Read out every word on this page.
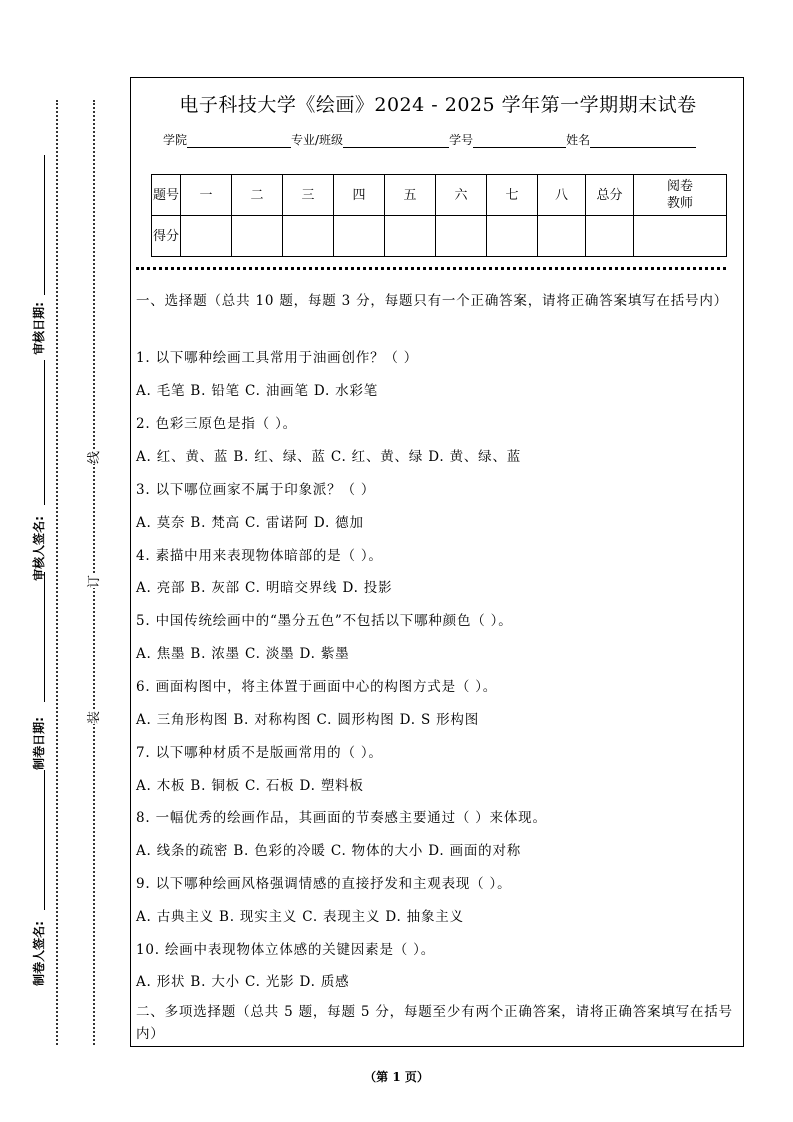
审核日期:
审核人签名:
制卷日期:
制卷人签名:
线
订
装
电子科技大学《绘画》2024 - 2025 学年第一学期期末试卷
学院	专业/班级	学号	姓名
题号	一	二	三	四	五	六	七	八	总分	阅卷教师
得分										
一、选择题（总共 10 题，每题 3 分，每题只有一个正确答案，请将正确答案填写在括号内）
1. 以下哪种绘画工具常用于油画创作？（ ）
A. 毛笔 B. 铅笔 C. 油画笔 D. 水彩笔
2. 色彩三原色是指（ ）。
A. 红、黄、蓝 B. 红、绿、蓝 C. 红、黄、绿 D. 黄、绿、蓝
3. 以下哪位画家不属于印象派？（ ）
A. 莫奈 B. 梵高 C. 雷诺阿 D. 德加
4. 素描中用来表现物体暗部的是（ ）。
A. 亮部 B. 灰部 C. 明暗交界线 D. 投影
5. 中国传统绘画中的“墨分五色”不包括以下哪种颜色（ ）。
A. 焦墨 B. 浓墨 C. 淡墨 D. 紫墨
6. 画面构图中，将主体置于画面中心的构图方式是（ ）。
A. 三角形构图 B. 对称构图 C. 圆形构图 D. S 形构图
7. 以下哪种材质不是版画常用的（ ）。
A. 木板 B. 铜板 C. 石板 D. 塑料板
8. 一幅优秀的绘画作品，其画面的节奏感主要通过（ ）来体现。
A. 线条的疏密 B. 色彩的冷暖 C. 物体的大小 D. 画面的对称
9. 以下哪种绘画风格强调情感的直接抒发和主观表现（ ）。
A. 古典主义 B. 现实主义 C. 表现主义 D. 抽象主义
10. 绘画中表现物体立体感的关键因素是（ ）。
A. 形状 B. 大小 C. 光影 D. 质感
二、多项选择题（总共 5 题，每题 5 分，每题至少有两个正确答案，请将正确答案填写在括号内）
（第 1 页）
